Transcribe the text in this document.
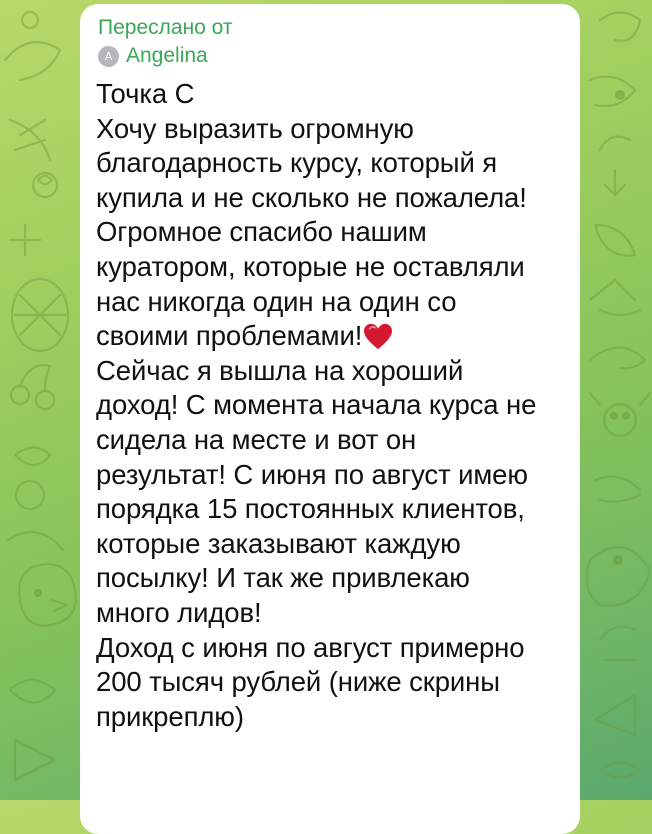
Переслано от
A Angelina
Точка С
Хочу выразить огромную
благодарность курсу, который я
купила и не сколько не пожалела!
Огромное спасибо нашим
куратором, которые не оставляли
нас никогда один на один со
своими проблемами!
Сейчас я вышла на хороший
доход! С момента начала курса не
сидела на месте и вот он
результат! С июня по август имею
порядка 15 постоянных клиентов,
которые заказывают каждую
посылку! И так же привлекаю
много лидов!
Доход с июня по август примерно
200 тысяч рублей (ниже скрины
прикреплю)
